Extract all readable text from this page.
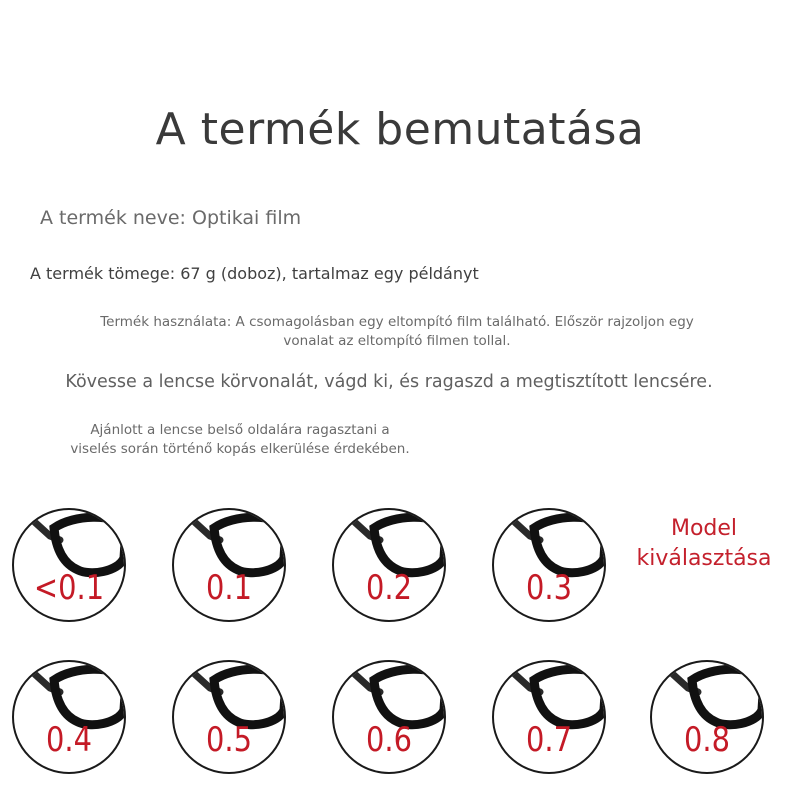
A termék bemutatása
A termék neve: Optikai film
A termék tömege: 67 g (doboz), tartalmaz egy példányt
Termék használata: A csomagolásban egy eltompító film található. Először rajzoljon egy
vonalat az eltompító filmen tollal.
Kövesse a lencse körvonalát, vágd ki, és ragaszd a megtisztított lencsére.
Ajánlott a lencse belső oldalára ragasztani a
viselés során történő kopás elkerülése érdekében.
<0.1	0.1	0.2	0.3
Model
kiválasztása
0.4	0.5	0.6	0.7	0.8
